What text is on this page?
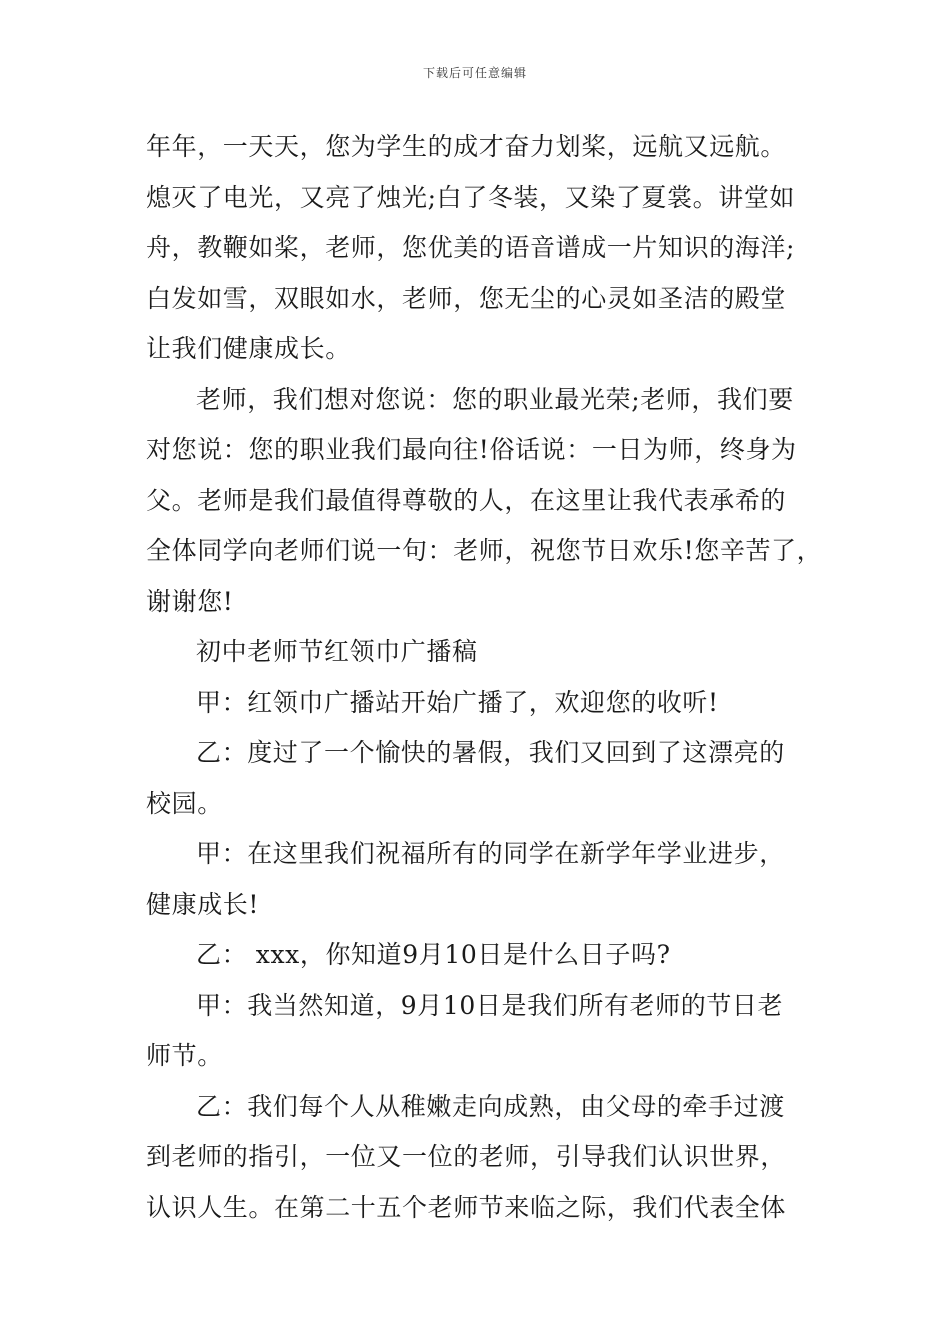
下载后可任意编辑
年年，一天天，您为学生的成才奋力划桨，远航又远航。
熄灭了电光，又亮了烛光;白了冬装，又染了夏裳。讲堂如
舟，教鞭如桨，老师，您优美的语音谱成一片知识的海洋;
白发如雪，双眼如水，老师，您无尘的心灵如圣洁的殿堂
让我们健康成长。
老师，我们想对您说：您的职业最光荣;老师，我们要
对您说：您的职业我们最向往!俗话说：一日为师，终身为
父。老师是我们最值得尊敬的人，在这里让我代表承希的
全体同学向老师们说一句：老师，祝您节日欢乐!您辛苦了，
谢谢您!
初中老师节红领巾广播稿
甲：红领巾广播站开始广播了，欢迎您的收听!
乙：度过了一个愉快的暑假，我们又回到了这漂亮的
校园。
甲：在这里我们祝福所有的同学在新学年学业进步，
健康成长!
乙： xxx，你知道9月10日是什么日子吗?
甲：我当然知道，9月10日是我们所有老师的节日老
师节。
乙：我们每个人从稚嫩走向成熟，由父母的牵手过渡
到老师的指引，一位又一位的老师，引导我们认识世界，
认识人生。在第二十五个老师节来临之际，我们代表全体
